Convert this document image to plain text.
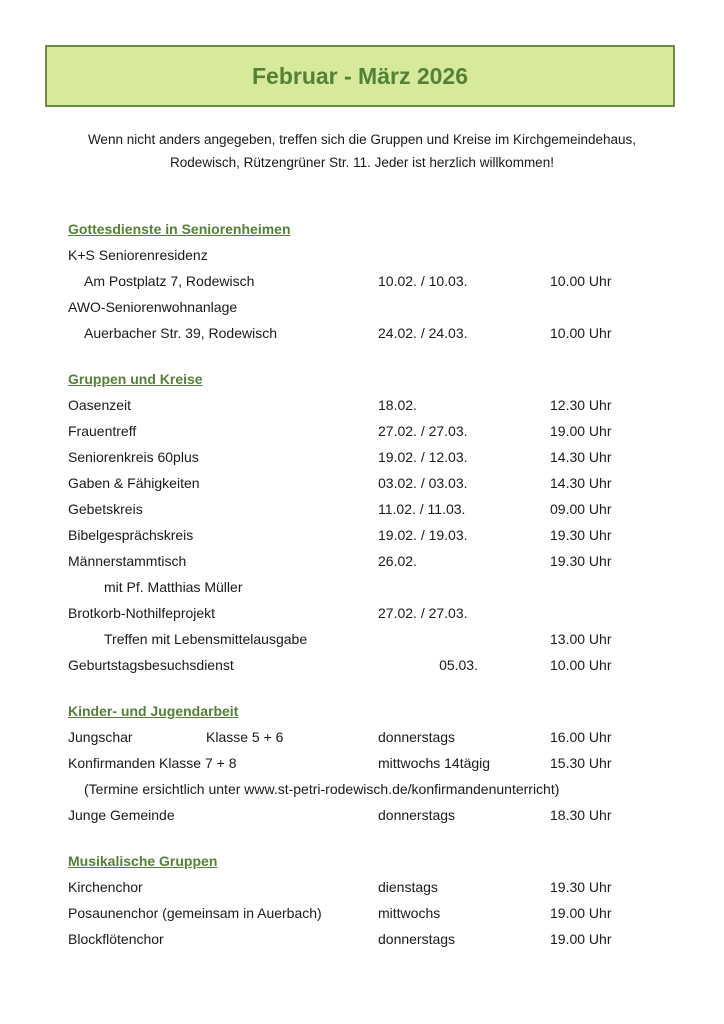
Februar - März 2026
Wenn nicht anders angegeben, treffen sich die Gruppen und Kreise im Kirchgemeindehaus,
Rodewisch, Rützengrüner Str. 11. Jeder ist herzlich willkommen!
Gottesdienste in Seniorenheimen
K+S Seniorenresidenz
Am Postplatz 7, Rodewisch	10.02. / 10.03.	10.00 Uhr
AWO-Seniorenwohnanlage
Auerbacher Str. 39, Rodewisch	24.02. / 24.03.	10.00 Uhr
Gruppen und Kreise
Oasenzeit	18.02.	12.30 Uhr
Frauentreff	27.02. / 27.03.	19.00 Uhr
Seniorenkreis 60plus	19.02. / 12.03.	14.30 Uhr
Gaben & Fähigkeiten	03.02. / 03.03.	14.30 Uhr
Gebetskreis	11.02. / 11.03.	09.00 Uhr
Bibelgesprächskreis	19.02. / 19.03.	19.30 Uhr
Männerstammtisch	26.02.	19.30 Uhr
mit Pf. Matthias Müller
Brotkorb-Nothilfeprojekt	27.02. / 27.03.
Treffen mit Lebensmittelausgabe	13.00 Uhr
Geburtstagsbesuchsdienst	05.03.	10.00 Uhr
Kinder- und Jugendarbeit
Jungschar	Klasse 5 + 6	donnerstags	16.00 Uhr
Konfirmanden Klasse 7 + 8	mittwochs 14tägig	15.30 Uhr
(Termine ersichtlich unter www.st-petri-rodewisch.de/konfirmandenunterricht)
Junge Gemeinde	donnerstags	18.30 Uhr
Musikalische Gruppen
Kirchenchor	dienstags	19.30 Uhr
Posaunenchor (gemeinsam in Auerbach)	mittwochs	19.00 Uhr
Blockflötenchor	donnerstags	19.00 Uhr
